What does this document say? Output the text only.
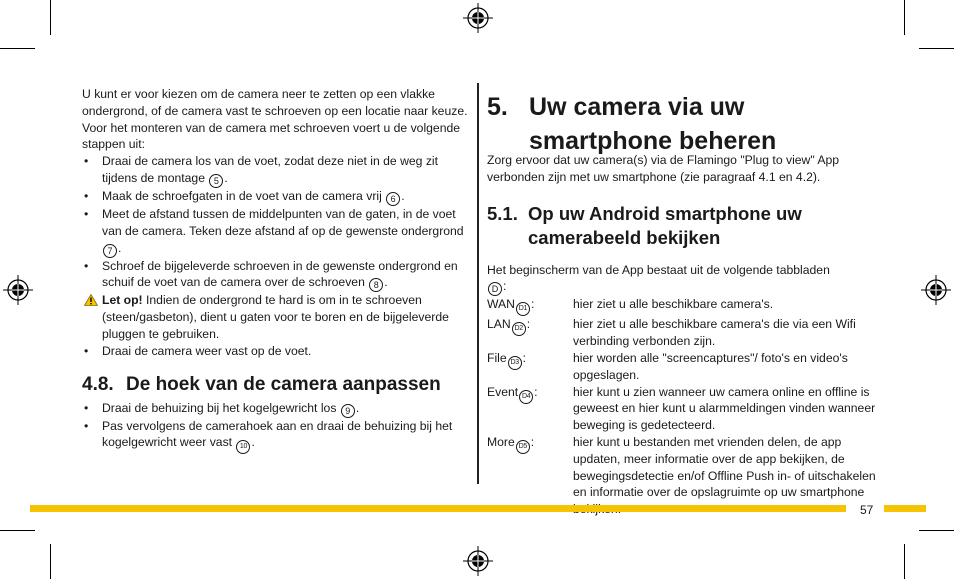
U kunt er voor kiezen om de camera neer te zetten op een vlakke ondergrond, of de camera vast te schroeven op een locatie naar keuze.
Voor het monteren van de camera met schroeven voert u de volgende stappen uit:
• Draai de camera los van de voet, zodat deze niet in de weg zit tijdens de montage 5 .
• Maak de schroefgaten in de voet van de camera vrij 6 .
• Meet de afstand tussen de middelpunten van de gaten, in de voet van de camera. Teken deze afstand af op de gewenste ondergrond 7 .
• Schroef de bijgeleverde schroeven in de gewenste ondergrond en schuif de voet van de camera over de schroeven 8 .
Let op! Indien de ondergrond te hard is om in te schroeven (steen/gasbeton), dient u gaten voor te boren en de bijgeleverde pluggen te gebruiken.
• Draai de camera weer vast op de voet.
4.8. De hoek van de camera aanpassen
• Draai de behuizing bij het kogelgewricht los 9 .
• Pas vervolgens de camerahoek aan en draai de behuizing bij het kogelgewricht weer vast 10 .
5. Uw camera via uw
smartphone beheren
Zorg ervoor dat uw camera(s) via de Flamingo "Plug to view" App verbonden zijn met uw smartphone (zie paragraaf 4.1 en 4.2).
5.1. Op uw Android smartphone uw camerabeeld bekijken
Het beginscherm van de App bestaat uit de volgende tabbladen
D :
WAN D1 :	hier ziet u alle beschikbare camera's.
LAN D2 :	hier ziet u alle beschikbare camera's die via een Wifi verbinding verbonden zijn.
File D3 :	hier worden alle "screencaptures"/ foto's en video's opgeslagen.
Event D4 :	hier kunt u zien wanneer uw camera online en offline is geweest en hier kunt u alarmmeldingen vinden wanneer beweging is gedetecteerd.
More D5 :	hier kunt u bestanden met vrienden delen, de app updaten, meer informatie over de app bekijken, de bewegingsdetectie en/of Offline Push in- of uitschakelen en informatie over de opslagruimte op uw smartphone
57
